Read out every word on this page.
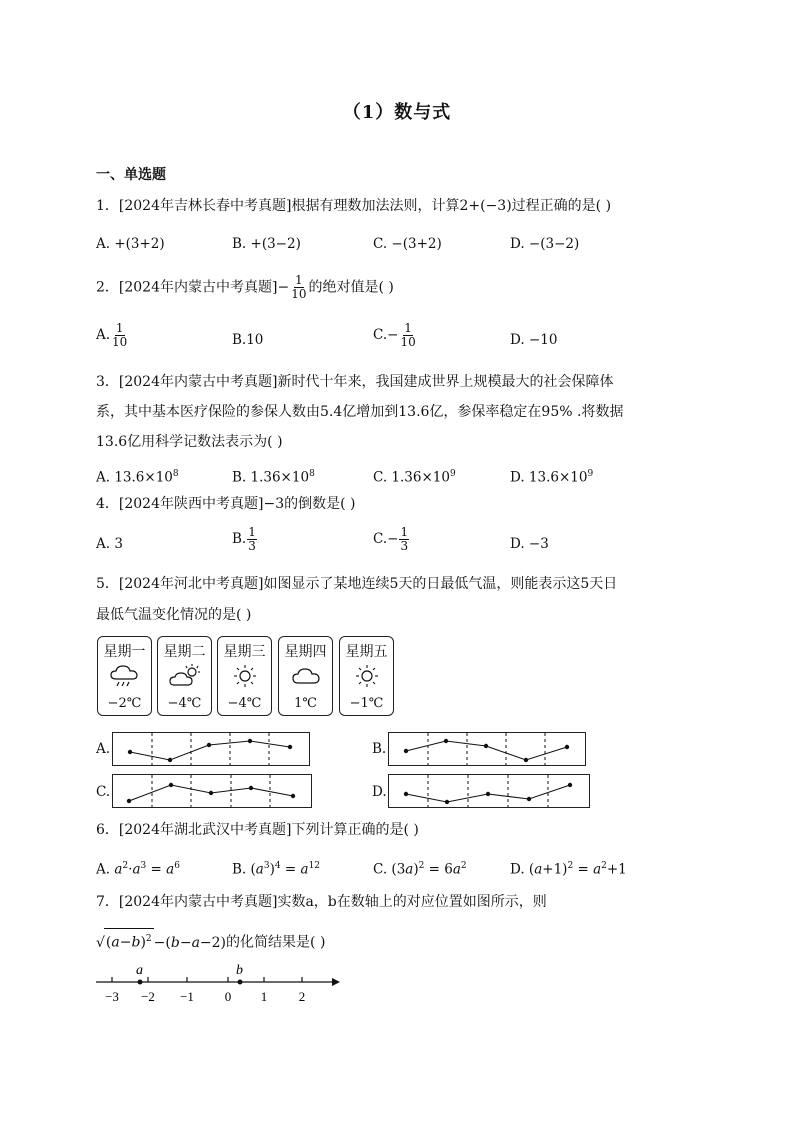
（1）数与式
一、单选题
1．[2024年吉林长春中考真题]根据有理数加法法则，计算2+(−3)过程正确的是( )
A. +(3+2)	B. +(3−2)	C. −(3+2)	D. −(3−2)
2．[2024年内蒙古中考真题]− $\frac{1}{10}$ 的绝对值是( )
A. $\frac{1}{10}$	B.10	$C.- \frac{1}{10}$	D. −10
3．[2024年内蒙古中考真题]新时代十年来，我国建成世界上规模最大的社会保障体
系，其中基本医疗保险的参保人数由5.4亿增加到13.6亿，参保率稳定在95% .将数据
13.6亿用科学记数法表示为( )
A. $13.6\times 10^8$	B. $1.36\times 10^8$	C. $1.36\times 10^9$	D. $13.6\times 10^9$
4．[2024年陕西中考真题]−3的倒数是( )
A. 3	B. $\frac{1}{3}$	$C.- \frac{1}{3}$	D. −3
5．[2024年河北中考真题]如图显示了某地连续5天的日最低气温，则能表示这5天日
最低气温变化情况的是( )
星期一
−2℃
星期二
−4℃
星期三
−4℃
星期四
1℃
星期五
−1℃
A.	B.
C.	D.
6．[2024年湖北武汉中考真题]下列计算正确的是( )
A. $a^2\cdot a^3 = a^6$	B. $(a^3)^4 = a^{12}$	C. $(3a)^2 = 6a^2$	D. $(a+1)^2 = a^2+1$
7．[2024年内蒙古中考真题]实数a，b在数轴上的对应位置如图所示，则
$√(a-b)^2 -(b-a-2)$的化简结果是( )
a	b
−3 −2 −1 0 1 2
